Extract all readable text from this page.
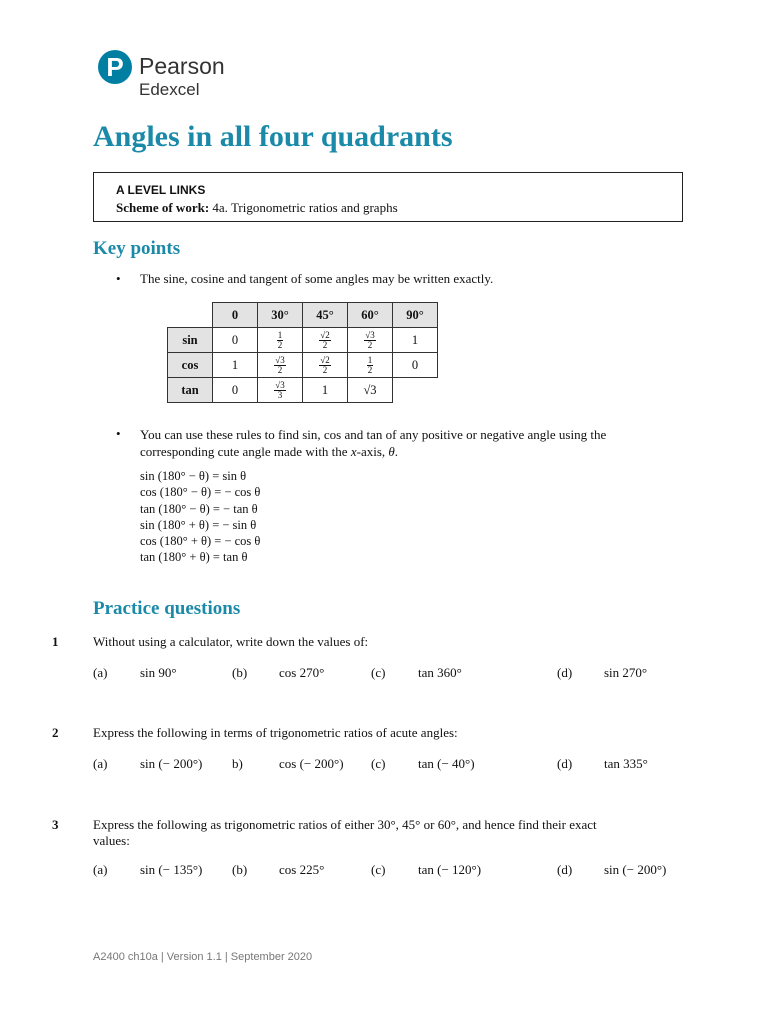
P Pearson
Edexcel
Angles in all four quadrants
A LEVEL LINKS
Scheme of work: 4a. Trigonometric ratios and graphs
Key points
• The sine, cosine and tangent of some angles may be written exactly.
	0	30°	45°	60°	90°
sin	0	$\frac{1}{2}$	$\frac{√2}{2}$	$\frac{√3}{2}$	1
cos	1	$\frac{√3}{2}$	$\frac{√2}{2}$	$\frac{1}{2}$	0
tan	0	$\frac{√3}{3}$	1	√3	
• You can use these rules to find sin, cos and tan of any positive or negative angle using the
corresponding cute angle made with the x-axis, θ.
sin (180° − θ) = sin θ
cos (180° − θ) = − cos θ
tan (180° − θ) = − tan θ
sin (180° + θ) = − sin θ
cos (180° + θ) = − cos θ
tan (180° + θ) = tan θ
Practice questions
1	Without using a calculator, write down the values of:
(a)	sin 90°	(b) cos 270°	(c)	tan 360°	(d) sin 270°
2	Express the following in terms of trigonometric ratios of acute angles:
(a)	sin (− 200°) b)	cos (− 200°) (c)	tan (− 40°)	(d) tan 335°
3	Express the following as trigonometric ratios of either 30°, 45° or 60°, and hence find their exact
values:
(a)	sin (− 135°) (b) cos 225°	(c)	tan (− 120°)	(d) sin (− 200°)
A2400 ch10a | Version 1.1 | September 2020
